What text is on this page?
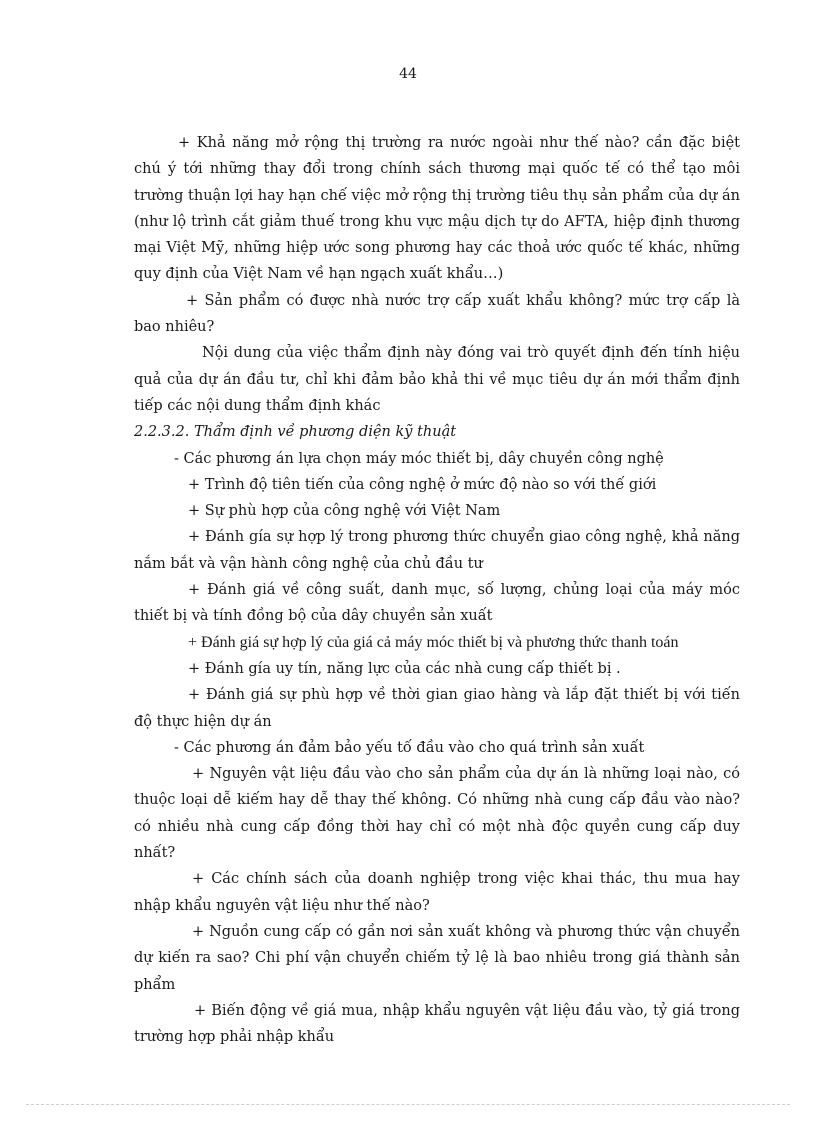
44

+ Khả năng mở rộng thị trường ra nước ngoài như thế nào? cần đặc biệt chú ý tới những thay đổi trong chính sách thương mại quốc tế có thể tạo môi trường thuận lợi hay hạn chế việc mở rộng thị trường tiêu thụ sản phẩm của dự án (như lộ trình cắt giảm thuế trong khu vực mậu dịch tự do AFTA, hiệp định thương mại Việt Mỹ, những hiệp ước song phương hay các thoả ước quốc tế khác, những quy định của Việt Nam về hạn ngạch xuất khẩu…)

+ Sản phẩm có được nhà nước trợ cấp xuất khẩu không? mức trợ cấp là bao nhiêu?

Nội dung của việc thẩm định này đóng vai trò quyết định đến tính hiệu quả của dự án đầu tư, chỉ khi đảm bảo khả thi về mục tiêu dự án mới thẩm định tiếp các nội dung thẩm định khác

2.2.3.2. Thẩm định về phương diện kỹ thuật

- Các phương án lựa chọn máy móc thiết bị, dây chuyền công nghệ

+ Trình độ tiên tiến của công nghệ ở mức độ nào so với thế giới

+ Sự phù hợp của công nghệ với Việt Nam

+ Đánh gía sự hợp lý trong phương thức chuyển giao công nghệ, khả năng nắm bắt và vận hành công nghệ của chủ đầu tư

+ Đánh giá về công suất, danh mục, số lượng, chủng loại của máy móc thiết bị và tính đồng bộ của dây chuyền sản xuất

+ Đánh giá sự hợp lý của giá cả máy móc thiết bị và phương thức thanh toán

+ Đánh gía uy tín, năng lực của các nhà cung cấp thiết bị .

+ Đánh giá sự phù hợp về thời gian giao hàng và lắp đặt thiết bị với tiến độ thực hiện dự án

- Các phương án đảm bảo yếu tố đầu vào cho quá trình sản xuất

+ Nguyên vật liệu đầu vào cho sản phẩm của dự án là những loại nào, có thuộc loại dễ kiếm hay dễ thay thế không. Có những nhà cung cấp đầu vào nào? có nhiều nhà cung cấp đồng thời hay chỉ có một nhà độc quyền cung cấp duy nhất?

+ Các chính sách của doanh nghiệp trong việc khai thác, thu mua hay nhập khẩu nguyên vật liệu như thế nào?

+ Nguồn cung cấp có gần nơi sản xuất không và phương thức vận chuyển dự kiến ra sao? Chi phí vận chuyển chiếm tỷ lệ là bao nhiêu trong giá thành sản phẩm

+ Biến động về giá mua, nhập khẩu nguyên vật liệu đầu vào, tỷ giá trong trường hợp phải nhập khẩu
